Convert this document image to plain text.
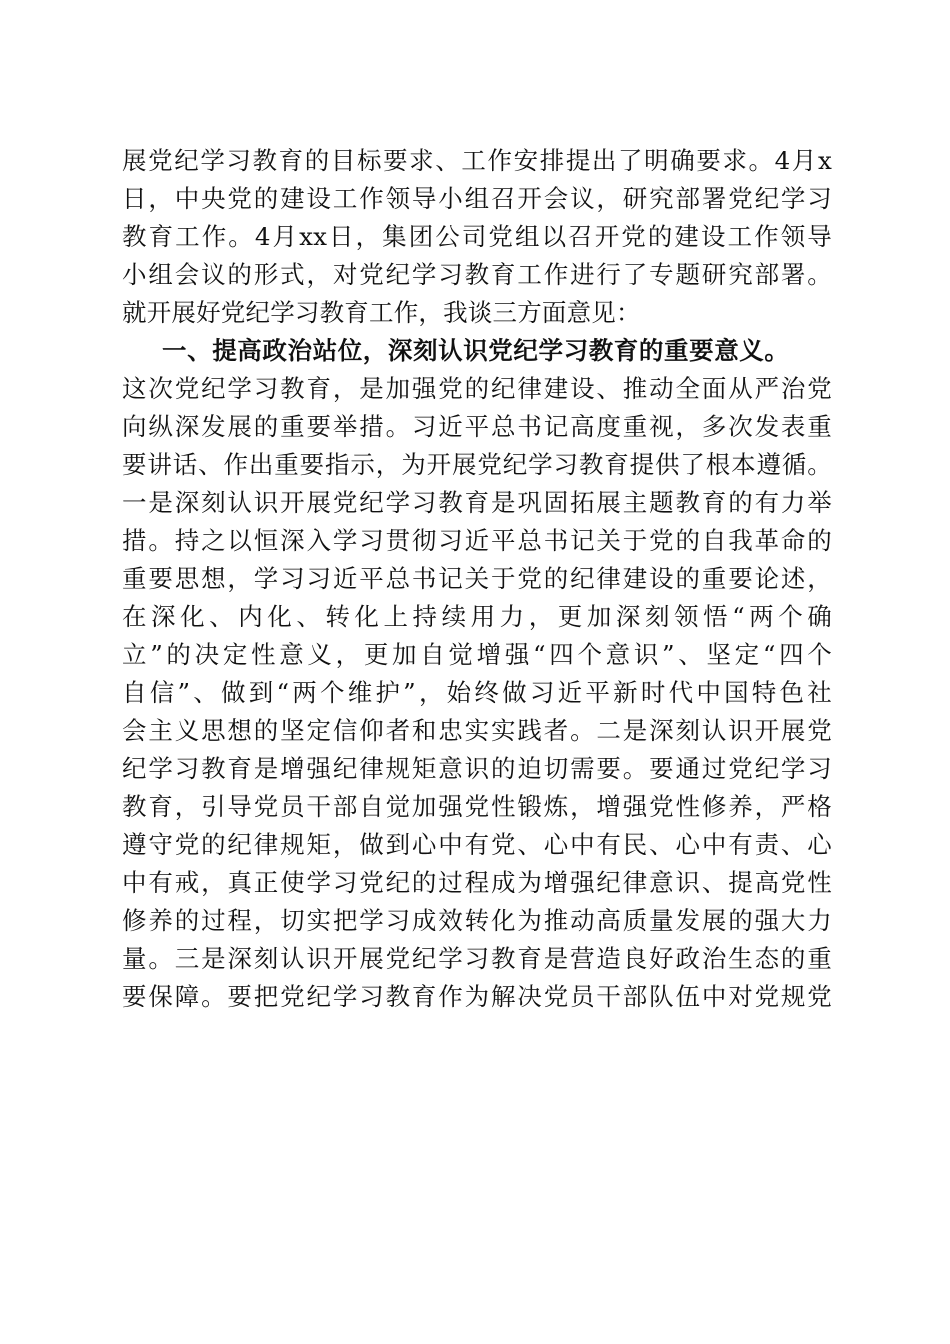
展党纪学习教育的目标要求、工作安排提出了明确要求。4月x
日，中央党的建设工作领导小组召开会议，研究部署党纪学习
教育工作。4月xx日，集团公司党组以召开党的建设工作领导
小组会议的形式，对党纪学习教育工作进行了专题研究部署。
就开展好党纪学习教育工作，我谈三方面意见：
一、提高政治站位，深刻认识党纪学习教育的重要意义。
这次党纪学习教育，是加强党的纪律建设、推动全面从严治党
向纵深发展的重要举措。习近平总书记高度重视，多次发表重
要讲话、作出重要指示，为开展党纪学习教育提供了根本遵循。
一是深刻认识开展党纪学习教育是巩固拓展主题教育的有力举
措。持之以恒深入学习贯彻习近平总书记关于党的自我革命的
重要思想，学习习近平总书记关于党的纪律建设的重要论述，
在深化、内化、转化上持续用力，更加深刻领悟“两个确
立”的决定性意义，更加自觉增强“四个意识”、坚定“四个
自信”、做到“两个维护”，始终做习近平新时代中国特色社
会主义思想的坚定信仰者和忠实实践者。二是深刻认识开展党
纪学习教育是增强纪律规矩意识的迫切需要。要通过党纪学习
教育，引导党员干部自觉加强党性锻炼，增强党性修养，严格
遵守党的纪律规矩，做到心中有党、心中有民、心中有责、心
中有戒，真正使学习党纪的过程成为增强纪律意识、提高党性
修养的过程，切实把学习成效转化为推动高质量发展的强大力
量。三是深刻认识开展党纪学习教育是营造良好政治生态的重
要保障。要把党纪学习教育作为解决党员干部队伍中对党规党
